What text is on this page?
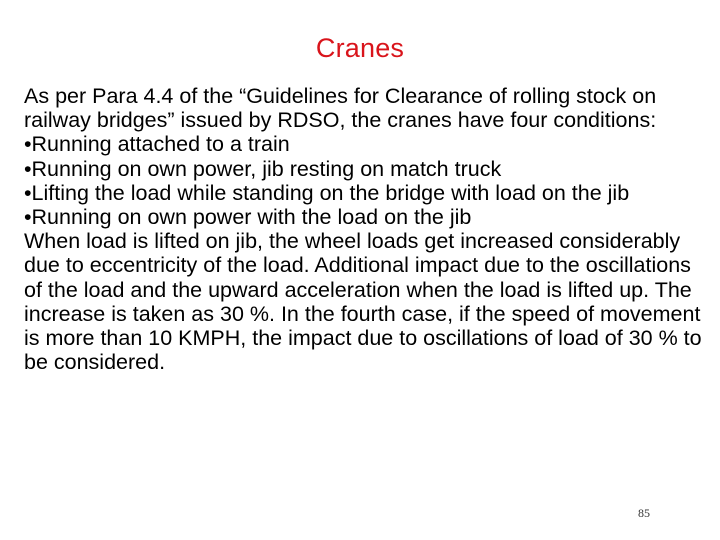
Cranes

As per Para 4.4 of the “Guidelines for Clearance of rolling stock on railway bridges” issued by RDSO, the cranes have four conditions:

•Running attached to a train

•Running on own power, jib resting on match truck

•Lifting the load while standing on the bridge with load on the jib

•Running on own power with the load on the jib

When load is lifted on jib, the wheel loads get increased considerably due to eccentricity of the load. Additional impact due to the oscillations of the load and the upward acceleration when the load is lifted up. The increase is taken as 30 %. In the fourth case, if the speed of movement is more than 10 KMPH, the impact due to oscillations of load of 30 % to be considered.

85
